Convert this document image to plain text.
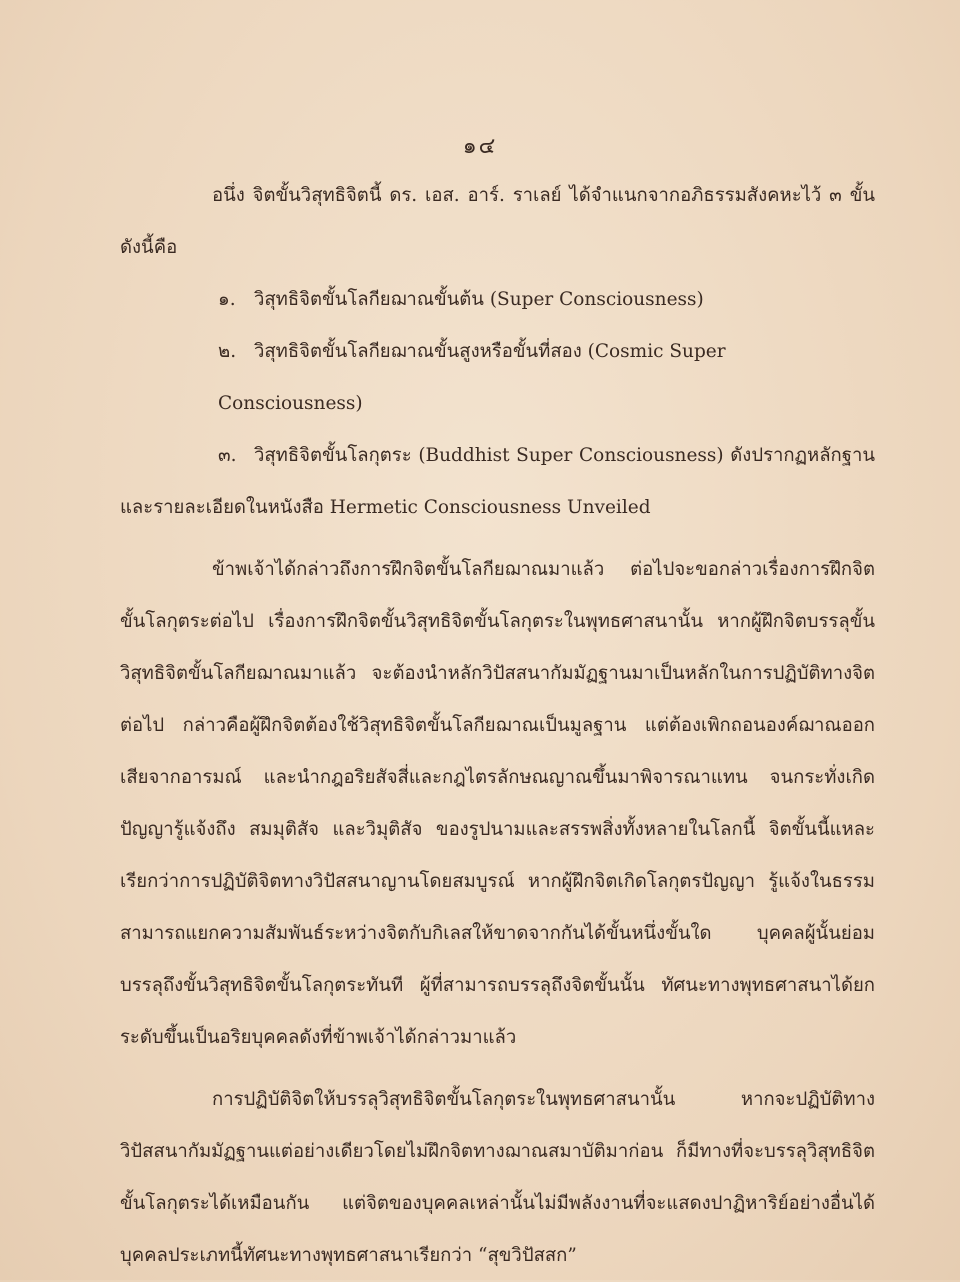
๑๔

อนึ่ง จิตขั้นวิสุทธิจิตนี้ ดร. เอส. อาร์. ราเลย์ ได้จำแนกจากอภิธรรมสังคหะไว้ ๓ ขั้นดังนี้คือ

๑. วิสุทธิจิตขั้นโลกียฌาณขั้นต้น (Super Consciousness)

๒. วิสุทธิจิตขั้นโลกียฌาณขั้นสูงหรือขั้นที่สอง (Cosmic Super Consciousness)

๓. วิสุทธิจิตขั้นโลกุตระ (Buddhist Super Consciousness) ดังปรากฏหลักฐานและรายละเอียดในหนังสือ Hermetic Consciousness Unveiled

ข้าพเจ้าได้กล่าวถึงการฝึกจิตขั้นโลกียฌาณมาแล้ว ต่อไปจะขอกล่าวเรื่องการฝึกจิตขั้นโลกุตระต่อไป เรื่องการฝึกจิตขั้นวิสุทธิจิตขั้นโลกุตระในพุทธศาสนานั้น หากผู้ฝึกจิตบรรลุขั้นวิสุทธิจิตขั้นโลกียฌาณมาแล้ว จะต้องนำหลักวิปัสสนากัมมัฏฐานมาเป็นหลักในการปฏิบัติทางจิตต่อไป กล่าวคือผู้ฝึกจิตต้องใช้วิสุทธิจิตขั้นโลกียฌาณเป็นมูลฐาน แต่ต้องเพิกถอนองค์ฌาณออกเสียจากอารมณ์ และนำกฎอริยสัจสี่และกฎไตรลักษณญาณขึ้นมาพิจารณาแทน จนกระทั่งเกิดปัญญารู้แจ้งถึง สมมุติสัจ และวิมุติสัจ ของรูปนามและสรรพสิ่งทั้งหลายในโลกนี้ จิตขั้นนี้แหละเรียกว่าการปฏิบัติจิตทางวิปัสสนาญานโดยสมบูรณ์ หากผู้ฝึกจิตเกิดโลกุตรปัญญา รู้แจ้งในธรรม สามารถแยกความสัมพันธ์ระหว่างจิตกับกิเลสให้ขาดจากกันได้ขั้นหนึ่งขั้นใด บุคคลผู้นั้นย่อมบรรลุถึงขั้นวิสุทธิจิตขั้นโลกุตระทันที ผู้ที่สามารถบรรลุถึงจิตขั้นนั้น ทัศนะทางพุทธศาสนาได้ยกระดับขึ้นเป็นอริยบุคคลดังที่ข้าพเจ้าได้กล่าวมาแล้ว

การปฏิบัติจิตให้บรรลุวิสุทธิจิตขั้นโลกุตระในพุทธศาสนานั้น หากจะปฏิบัติทางวิปัสสนากัมมัฏฐานแต่อย่างเดียวโดยไม่ฝึกจิตทางฌาณสมาบัติมาก่อน ก็มีทางที่จะบรรลุวิสุทธิจิตขั้นโลกุตระได้เหมือนกัน แต่จิตของบุคคลเหล่านั้นไม่มีพลังงานที่จะแสดงปาฏิหาริย์อย่างอื่นได้ บุคคลประเภทนี้ทัศนะทางพุทธศาสนาเรียกว่า “สุขวิปัสสก”
